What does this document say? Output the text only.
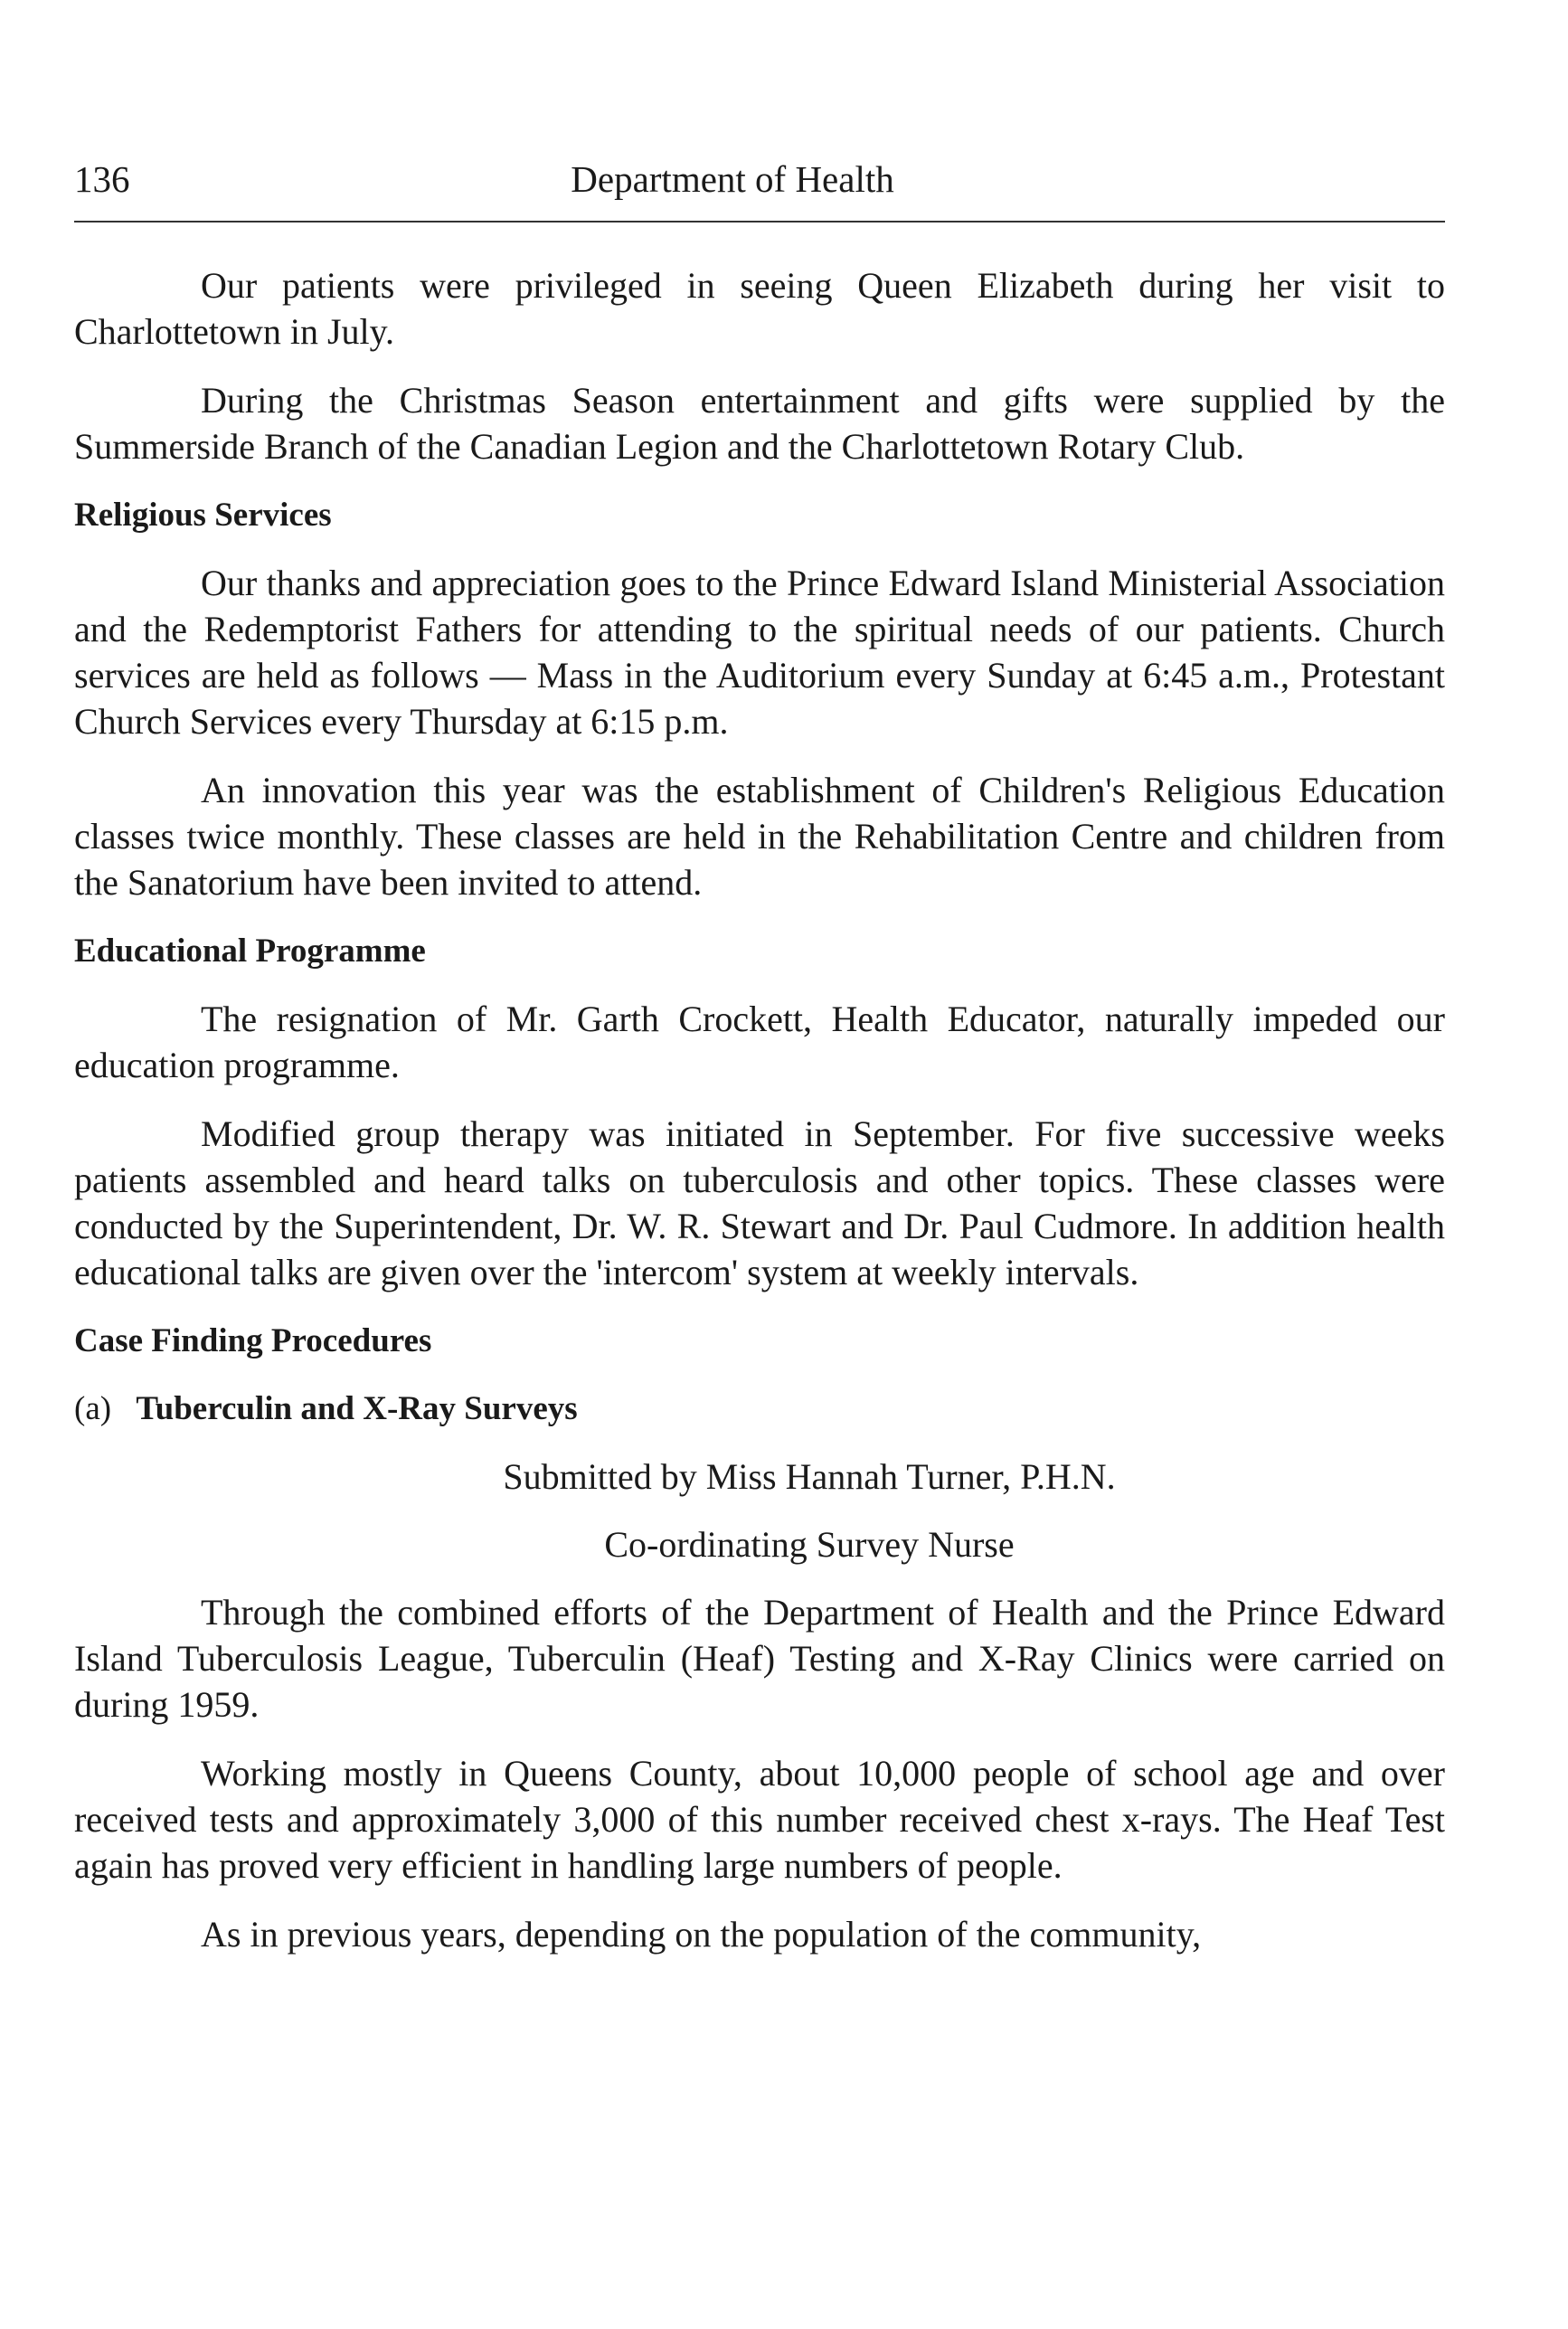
136	Department of Health

Our patients were privileged in seeing Queen Elizabeth during her visit to Charlottetown in July.

During the Christmas Season entertainment and gifts were supplied by the Summerside Branch of the Canadian Legion and the Charlottetown Rotary Club.

Religious Services

Our thanks and appreciation goes to the Prince Edward Island Ministerial Association and the Redemptorist Fathers for attending to the spiritual needs of our patients. Church services are held as follows — Mass in the Auditorium every Sunday at 6:45 a.m., Protestant Church Services every Thursday at 6:15 p.m.

An innovation this year was the establishment of Children's Religious Education classes twice monthly. These classes are held in the Rehabilitation Centre and children from the Sanatorium have been invited to attend.

Educational Programme

The resignation of Mr. Garth Crockett, Health Educator, naturally impeded our education programme.

Modified group therapy was initiated in September. For five successive weeks patients assembled and heard talks on tuberculosis and other topics. These classes were conducted by the Superintendent, Dr. W. R. Stewart and Dr. Paul Cudmore. In addition health educational talks are given over the 'intercom' system at weekly intervals.

Case Finding Procedures
(a) Tuberculin and X-Ray Surveys
Submitted by Miss Hannah Turner, P.H.N.
Co-ordinating Survey Nurse

Through the combined efforts of the Department of Health and the Prince Edward Island Tuberculosis League, Tuberculin (Heaf) Testing and X-Ray Clinics were carried on during 1959.

Working mostly in Queens County, about 10,000 people of school age and over received tests and approximately 3,000 of this number received chest x-rays. The Heaf Test again has proved very efficient in handling large numbers of people.

As in previous years, depending on the population of the community,
